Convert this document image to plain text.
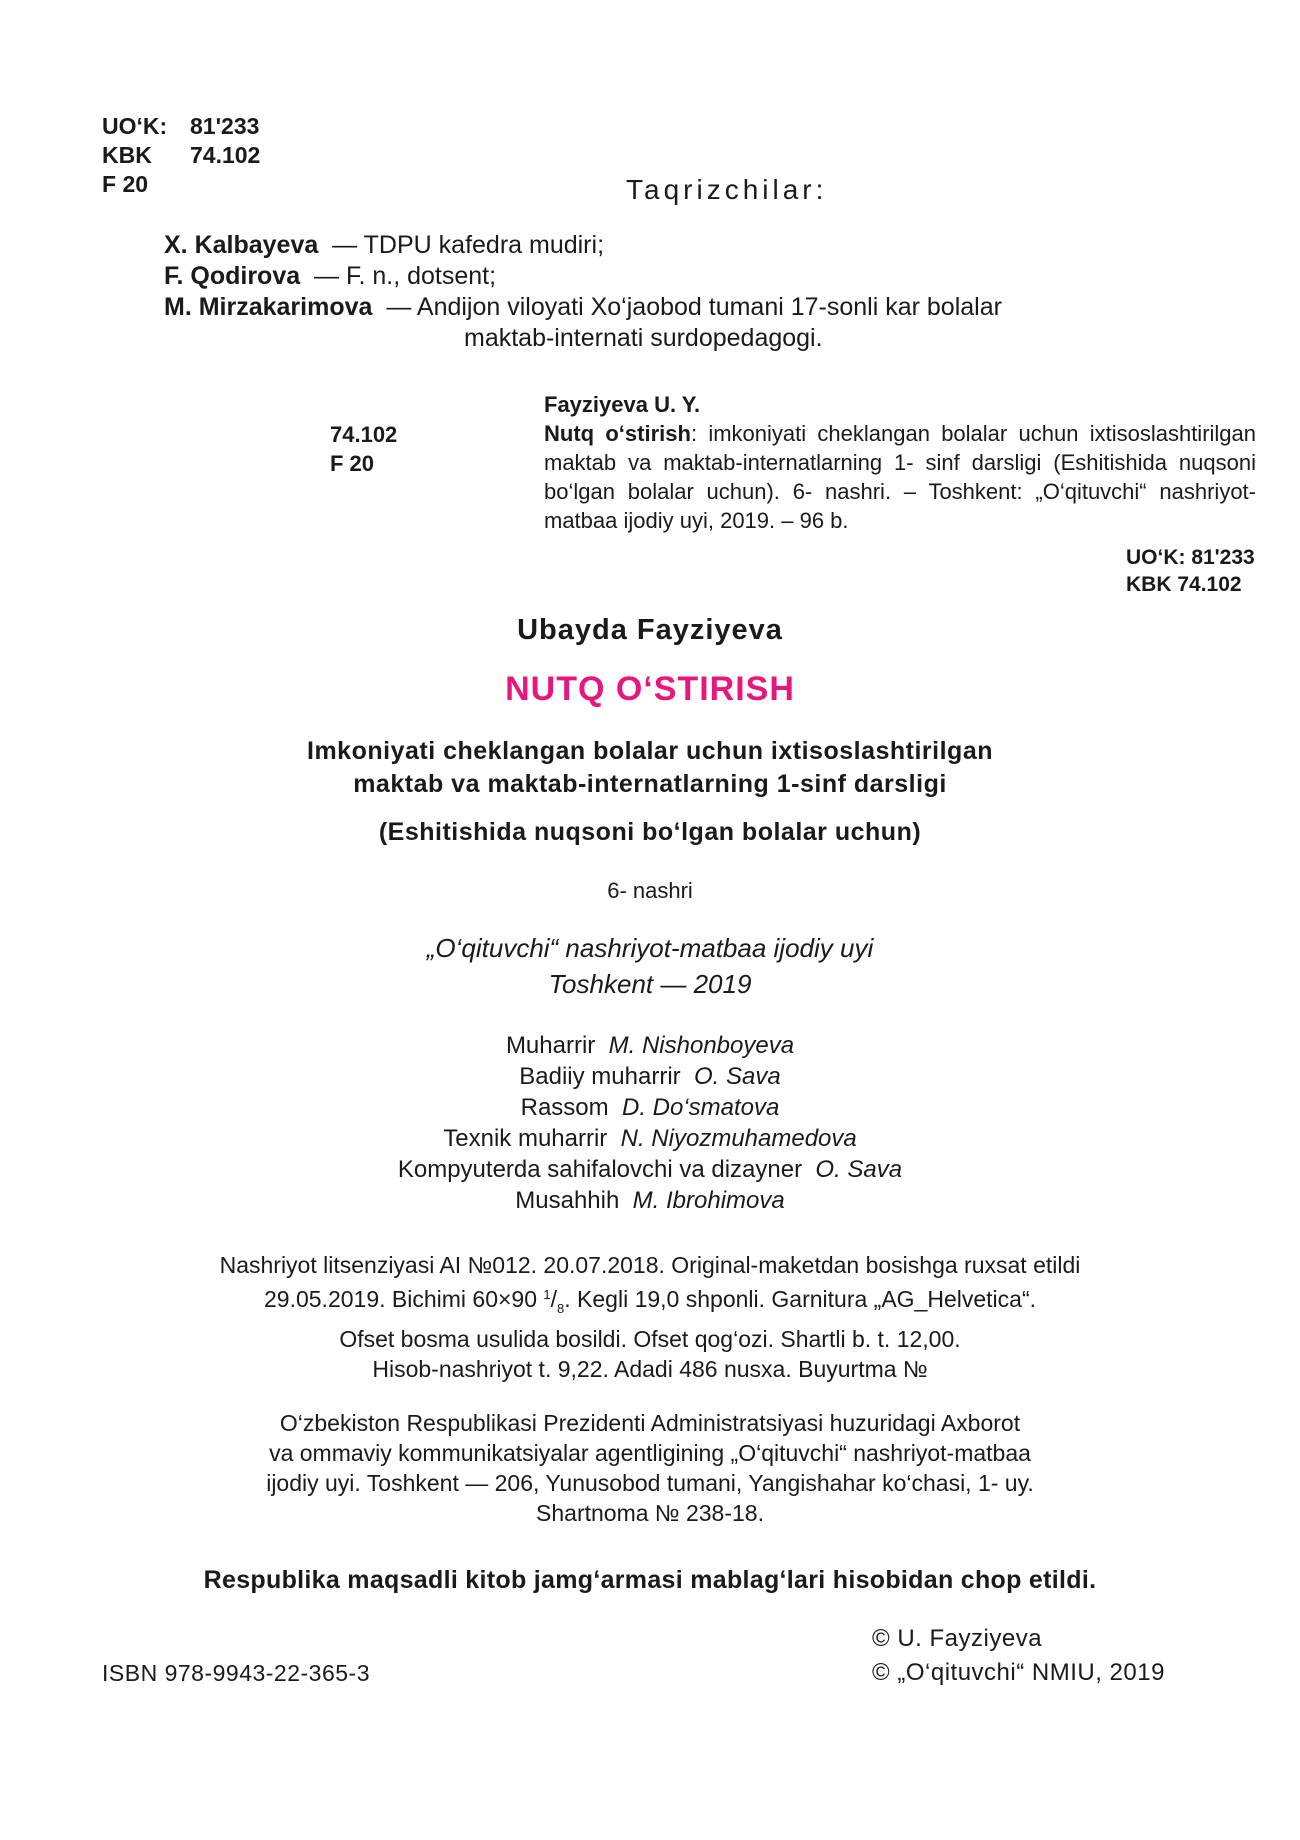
UO‘K: 81ʹ233
KBK 74.102
F 20	Taqrizchilar:
X. Kalbayeva — TDPU kafedra mudiri;
F. Qodirova — F. n., dotsent;
M. Mirzakarimova — Andijon viloyati Xo‘jaobod tumani 17-sonli kar bolalar
maktab-internati surdopedagogi.
74.102
F 20
Fayziyeva U. Y.
Nutq o‘stirish: imkoniyati cheklangan bolalar uchun ixtisoslashtirilgan maktab va maktab-internatlarning 1- sinf darsligi (Eshitishida nuqsoni bo‘lgan bolalar uchun). 6- nashri. – Toshkent: „O‘qituvchi“ nashriyot-matbaa ijodiy uyi, 2019. – 96 b.
UO‘K: 81ʹ233
KBK 74.102
Ubayda Fayziyeva
NUTQ O‘STIRISH
Imkoniyati cheklangan bolalar uchun ixtisoslashtirilgan
maktab va maktab-internatlarning 1-sinf darsligi
(Eshitishida nuqsoni bo‘lgan bolalar uchun)
6- nashri
„O‘qituvchi“ nashriyot-matbaa ijodiy uyi
Toshkent — 2019
Muharrir M. Nishonboyeva
Badiiy muharrir O. Sava
Rassom D. Do‘smatova
Texnik muharrir N. Niyozmuhamedova
Kompyuterda sahifalovchi va dizayner O. Sava
Musahhih M. Ibrohimova
Nashriyot litsenziyasi AI №012. 20.07.2018. Original-maketdan bosishga ruxsat etildi
29.05.2019. Bichimi 60×90 $^1/_8$. Kegli 19,0 shponli. Garnitura „AG_Helvetica“.
Ofset bosma usulida bosildi. Ofset qog‘ozi. Shartli b. t. 12,00.
Hisob-nashriyot t. 9,22. Adadi 486 nusxa. Buyurtma №
O‘zbekiston Respublikasi Prezidenti Administratsiyasi huzuridagi Axborot
va ommaviy kommunikatsiyalar agentligining „O‘qituvchi“ nashriyot-matbaa
ijodiy uyi. Toshkent — 206, Yunusobod tumani, Yangishahar ko‘chasi, 1- uy.
Shartnoma № 238-18.
Respublika maqsadli kitob jamg‘armasi mablag‘lari hisobidan chop etildi.
ISBN 978-9943-22-365-3
© U. Fayziyeva
© „O‘qituvchi“ NMIU, 2019
